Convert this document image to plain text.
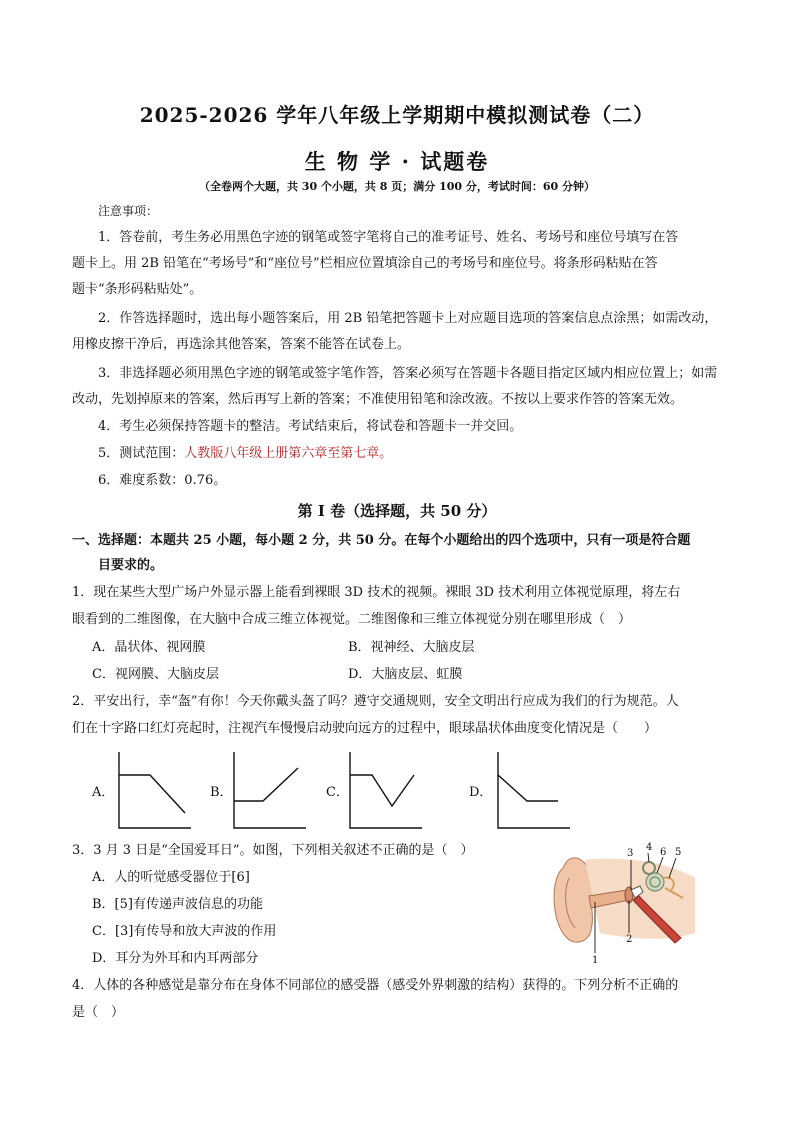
2025-2026 学年八年级上学期期中模拟测试卷（二）
生 物 学 · 试题卷
（全卷两个大题，共 30 个小题，共 8 页；满分 100 分，考试时间：60 分钟）
注意事项：
1．答卷前，考生务必用黑色字迹的钢笔或签字笔将自己的准考证号、姓名、考场号和座位号填写在答
题卡上。用 2B 铅笔在“考场号”和“座位号”栏相应位置填涂自己的考场号和座位号。将条形码粘贴在答
题卡“条形码粘贴处”。
2．作答选择题时，选出每小题答案后，用 2B 铅笔把答题卡上对应题目选项的答案信息点涂黑；如需改动，
用橡皮擦干净后，再选涂其他答案，答案不能答在试卷上。
3．非选择题必须用黑色字迹的钢笔或签字笔作答，答案必须写在答题卡各题目指定区域内相应位置上；如需
改动，先划掉原来的答案，然后再写上新的答案；不准使用铅笔和涂改液。不按以上要求作答的答案无效。
4．考生必须保持答题卡的整洁。考试结束后，将试卷和答题卡一并交回。
5．测试范围：人教版八年级上册第六章至第七章。
6．难度系数：0.76。
第 I 卷（选择题，共 50 分）
一、选择题：本题共 25 小题，每小题 2 分，共 50 分。在每个小题给出的四个选项中，只有一项是符合题
目要求的。
1．现在某些大型广场户外显示器上能看到裸眼 3D 技术的视频。裸眼 3D 技术利用立体视觉原理，将左右
眼看到的二维图像，在大脑中合成三维立体视觉。二维图像和三维立体视觉分别在哪里形成（　）
A．晶状体、视网膜	B．视神经、大脑皮层
C．视网膜、大脑皮层	D．大脑皮层、虹膜
2．平安出行，幸“盔”有你！今天你戴头盔了吗？遵守交通规则，安全文明出行应成为我们的行为规范。人
们在十字路口红灯亮起时，注视汽车慢慢启动驶向远方的过程中，眼球晶状体曲度变化情况是（　　）
A．	B．	C．	D．
3．3 月 3 日是“全国爱耳日”。如图，下列相关叙述不正确的是（　）
A．人的听觉感受器位于[6]
B．[5]有传递声波信息的功能
C．[3]有传导和放大声波的作用
D．耳分为外耳和内耳两部分
3
4 6 5
2
1
4．人体的各种感觉是靠分布在身体不同部位的感受器（感受外界刺激的结构）获得的。下列分析不正确的
是（　）
